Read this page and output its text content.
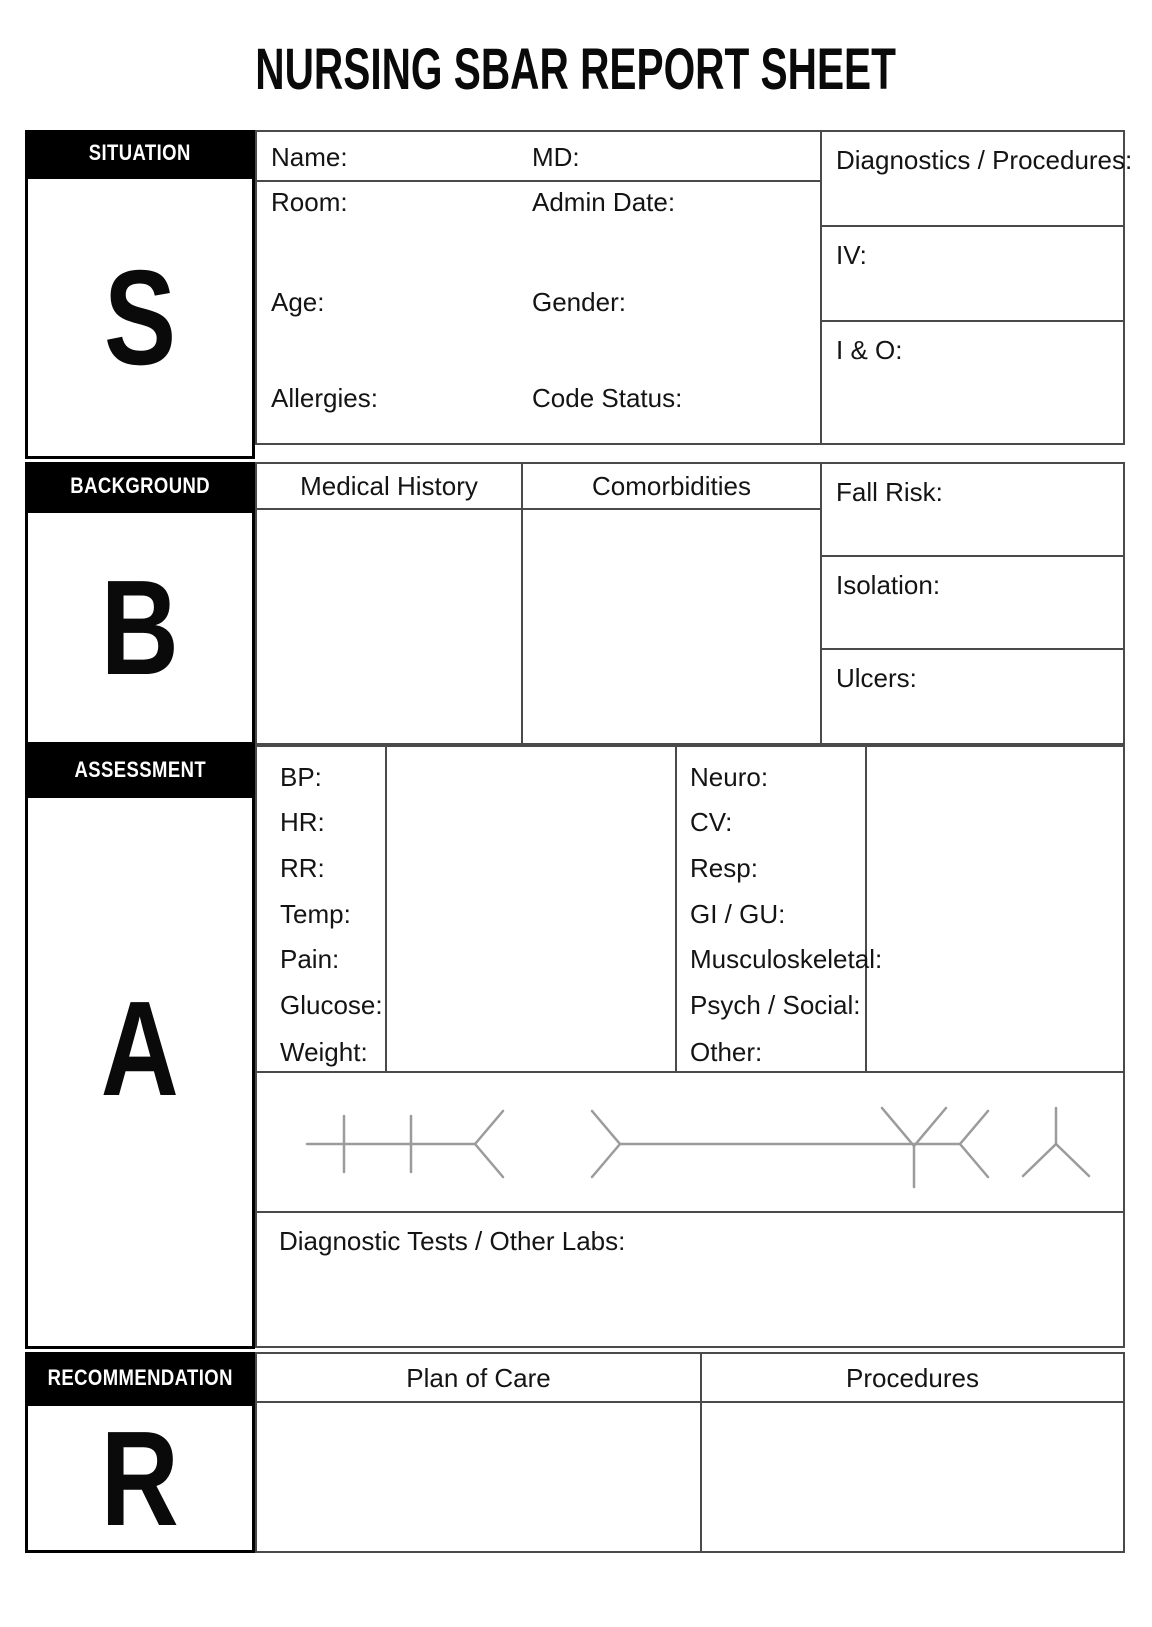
NURSING SBAR REPORT SHEET
SITUATION
S
BACKGROUND
B
ASSESSMENT
A
RECOMMENDATION
R
Name:	MD:
Room:	Admin Date:
Age:	Gender:
Allergies:	Code Status:
Diagnostics / Procedures:
IV:
I & O:
Medical History	Comorbidities	Fall Risk:
Isolation:
Ulcers:
BP:
HR:
RR:
Temp:
Pain:
Glucose:
Weight:
Neuro:
CV:
Resp:
GI / GU:
Musculoskeletal:
Psych / Social:
Other:
Diagnostic Tests / Other Labs:
Plan of Care	Procedures
